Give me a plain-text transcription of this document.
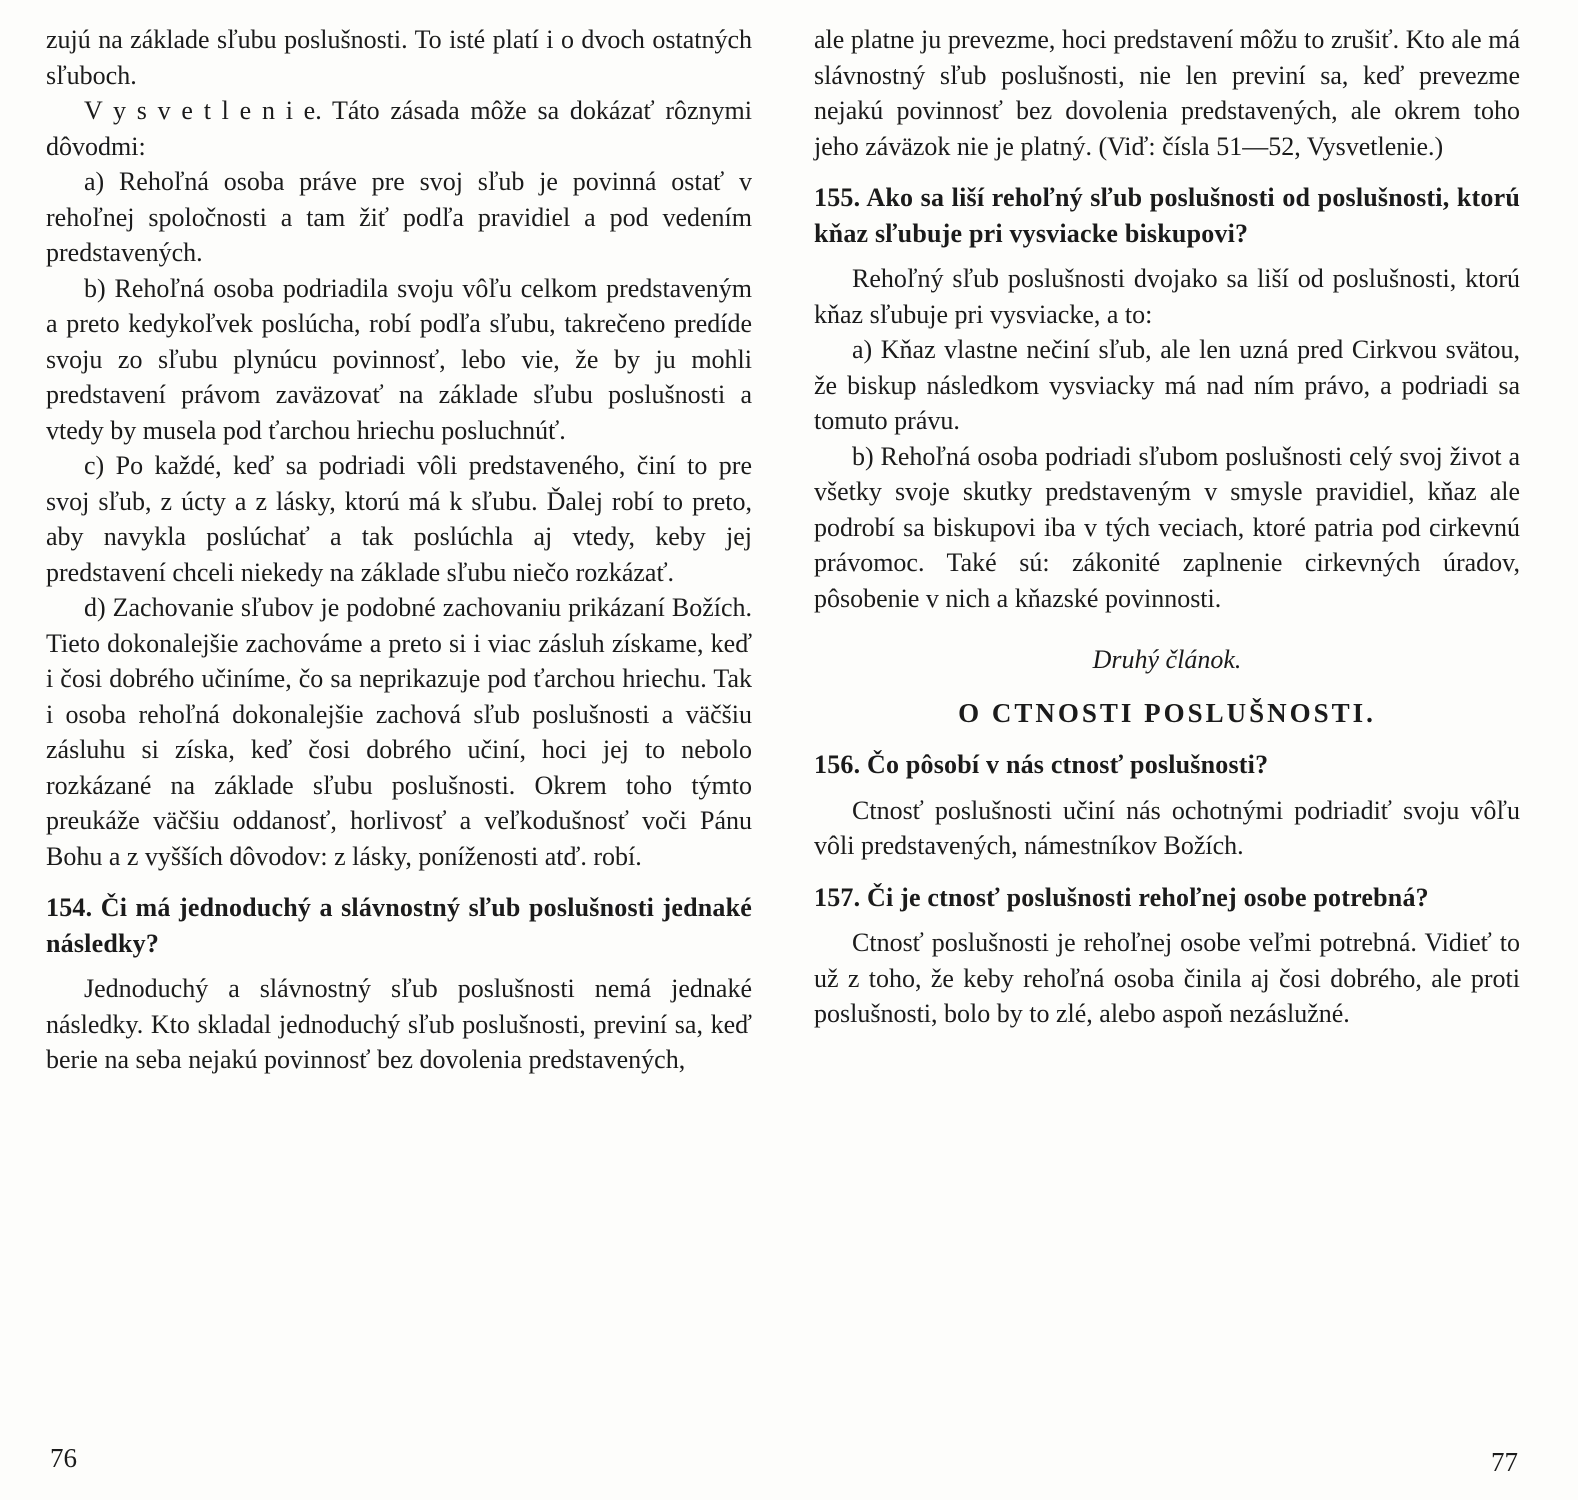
zujú na základe sľubu poslušnosti. To isté platí i o dvoch ostatných sľuboch.

V y s v e t l e n i e. Táto zásada môže sa dokázať rôznymi dôvodmi:

a) Rehoľná osoba práve pre svoj sľub je povinná ostať v rehoľnej spoločnosti a tam žiť podľa pravidiel a pod vedením predstavených.

b) Rehoľná osoba podriadila svoju vôľu celkom predstaveným a preto kedykoľvek poslúcha, robí podľa sľubu, takrečeno predíde svoju zo sľubu plynúcu povinnosť, lebo vie, že by ju mohli predstavení právom zaväzovať na základe sľubu poslušnosti a vtedy by musela pod ťarchou hriechu posluchnúť.

c) Po každé, keď sa podriadi vôli predstaveného, činí to pre svoj sľub, z úcty a z lásky, ktorú má k sľubu. Ďalej robí to preto, aby navykla poslúchať a tak poslúchla aj vtedy, keby jej predstavení chceli niekedy na základe sľubu niečo rozkázať.

d) Zachovanie sľubov je podobné zachovaniu prikázaní Božích. Tieto dokonalejšie zachováme a preto si i viac zásluh získame, keď i čosi dobrého učiníme, čo sa neprikazuje pod ťarchou hriechu. Tak i osoba rehoľná dokonalejšie zachová sľub poslušnosti a väčšiu zásluhu si získa, keď čosi dobrého učiní, hoci jej to nebolo rozkázané na základe sľubu poslušnosti. Okrem toho týmto preukáže väčšiu oddanosť, horlivosť a veľkodušnosť voči Pánu Bohu a z vyšších dôvodov: z lásky, poníženosti atď. robí.

154. Či má jednoduchý a slávnostný sľub poslušnosti jednaké následky?

Jednoduchý a slávnostný sľub poslušnosti nemá jednaké následky. Kto skladal jednoduchý sľub poslušnosti, previní sa, keď berie na seba nejakú povinnosť bez dovolenia predstavených,

ale platne ju prevezme, hoci predstavení môžu to zrušiť. Kto ale má slávnostný sľub poslušnosti, nie len previní sa, keď prevezme nejakú povinnosť bez dovolenia predstavených, ale okrem toho jeho záväzok nie je platný. (Viď: čísla 51—52, Vysvetlenie.)

155. Ako sa liší rehoľný sľub poslušnosti od poslušnosti, ktorú kňaz sľubuje pri vysviacke biskupovi?

Rehoľný sľub poslušnosti dvojako sa liší od poslušnosti, ktorú kňaz sľubuje pri vysviacke, a to:

a) Kňaz vlastne nečiní sľub, ale len uzná pred Cirkvou svätou, že biskup následkom vysviacky má nad ním právo, a podriadi sa tomuto právu.

b) Rehoľná osoba podriadi sľubom poslušnosti celý svoj život a všetky svoje skutky predstaveným v smysle pravidiel, kňaz ale podrobí sa biskupovi iba v tých veciach, ktoré patria pod cirkevnú právomoc. Také sú: zákonité zaplnenie cirkevných úradov, pôsobenie v nich a kňazské povinnosti.

Druhý článok.

O CTNOSTI POSLUŠNOSTI.

156. Čo pôsobí v nás ctnosť poslušnosti?

Ctnosť poslušnosti učiní nás ochotnými podriadiť svoju vôľu vôli predstavených, námestníkov Božích.

157. Či je ctnosť poslušnosti rehoľnej osobe potrebná?

Ctnosť poslušnosti je rehoľnej osobe veľmi potrebná. Vidieť to už z toho, že keby rehoľná osoba činila aj čosi dobrého, ale proti poslušnosti, bolo by to zlé, alebo aspoň nezáslužné.

76	77
